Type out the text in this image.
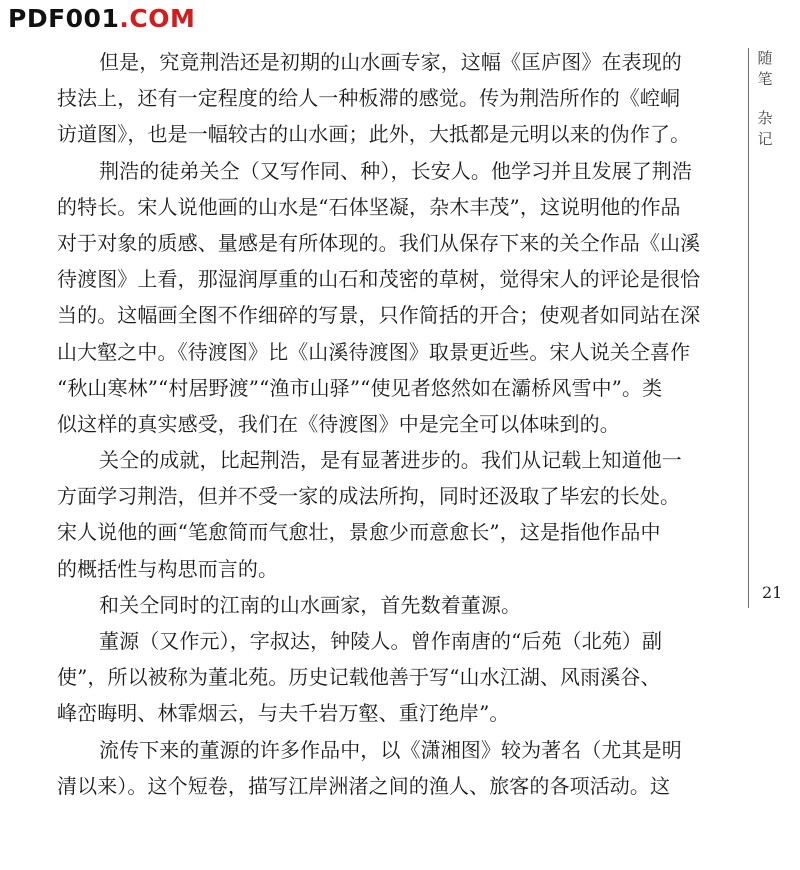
PDF001.COM
但是，究竟荆浩还是初期的山水画专家，这幅《匡庐图》在表现的
技法上，还有一定程度的给人一种板滞的感觉。传为荆浩所作的《崆峒
访道图》，也是一幅较古的山水画；此外，大抵都是元明以来的伪作了。
荆浩的徒弟关仝（又写作同、种），长安人。他学习并且发展了荆浩
的特长。宋人说他画的山水是“石体坚凝，杂木丰茂”，这说明他的作品
对于对象的质感、量感是有所体现的。我们从保存下来的关仝作品《山溪
待渡图》上看，那湿润厚重的山石和茂密的草树，觉得宋人的评论是很恰
当的。这幅画全图不作细碎的写景，只作简括的开合；使观者如同站在深
山大壑之中。《待渡图》比《山溪待渡图》取景更近些。宋人说关仝喜作
“秋山寒林”“村居野渡”“渔市山驿”“使见者悠然如在灞桥风雪中”。类
似这样的真实感受，我们在《待渡图》中是完全可以体味到的。
关仝的成就，比起荆浩，是有显著进步的。我们从记载上知道他一
方面学习荆浩，但并不受一家的成法所拘，同时还汲取了毕宏的长处。
宋人说他的画“笔愈简而气愈壮，景愈少而意愈长”，这是指他作品中
的概括性与构思而言的。
和关仝同时的江南的山水画家，首先数着董源。
董源（又作元），字叔达，钟陵人。曾作南唐的“后苑（北苑）副
使”，所以被称为董北苑。历史记载他善于写“山水江湖、风雨溪谷、
峰峦晦明、林霏烟云，与夫千岩万壑、重汀绝岸”。
流传下来的董源的许多作品中，以《潇湘图》较为著名（尤其是明
清以来）。这个短卷，描写江岸洲渚之间的渔人、旅客的各项活动。这
随笔
杂记
21
